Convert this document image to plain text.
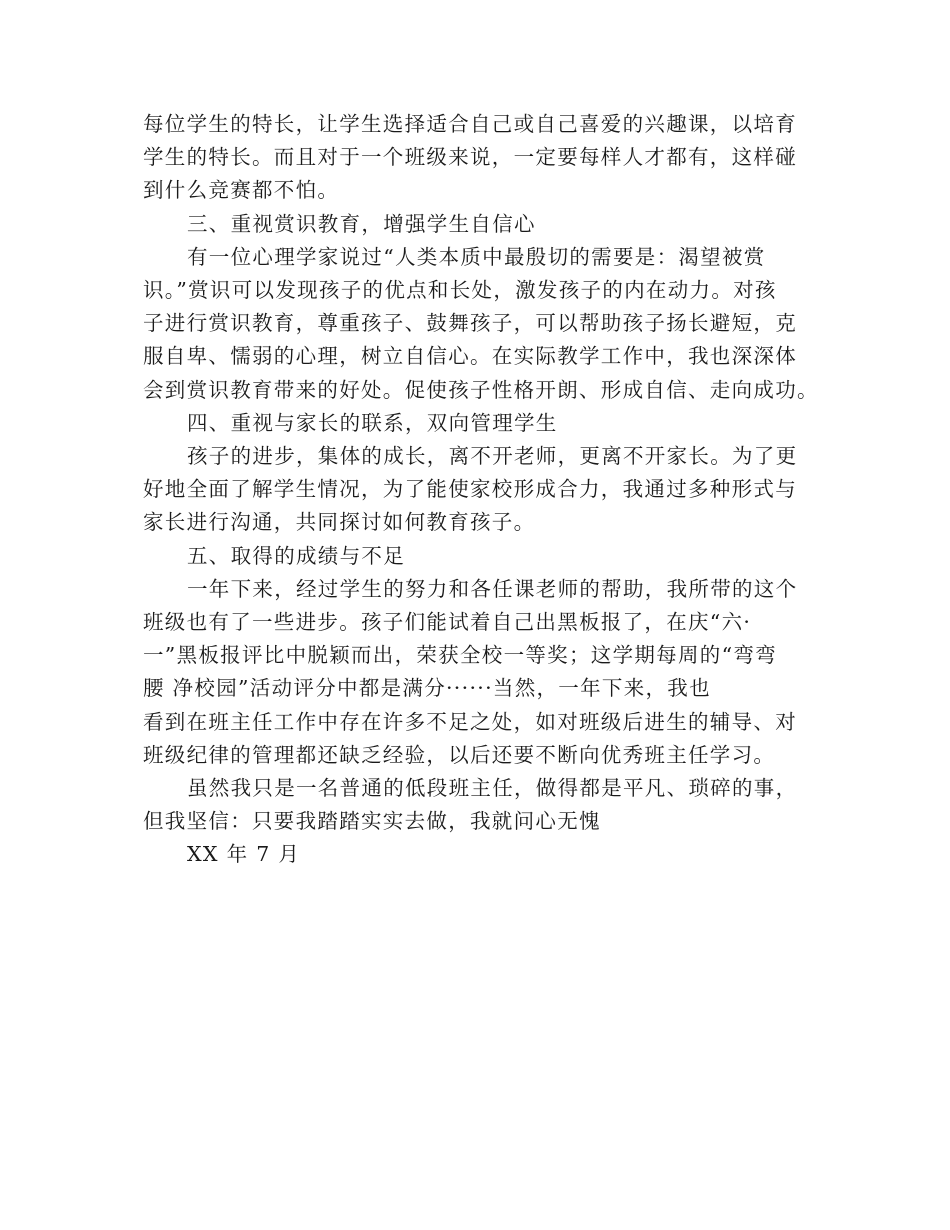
每位学生的特长，让学生选择适合自己或自己喜爱的兴趣课，以培育

学生的特长。而且对于一个班级来说，一定要每样人才都有，这样碰

到什么竞赛都不怕。

三、重视赏识教育，增强学生自信心

有一位心理学家说过“人类本质中最殷切的需要是：渴望被赏

识。”赏识可以发现孩子的优点和长处，激发孩子的内在动力。对孩

子进行赏识教育，尊重孩子、鼓舞孩子，可以帮助孩子扬长避短，克

服自卑、懦弱的心理，树立自信心。在实际教学工作中，我也深深体

会到赏识教育带来的好处。促使孩子性格开朗、形成自信、走向成功。

四、重视与家长的联系，双向管理学生

孩子的进步，集体的成长，离不开老师，更离不开家长。为了更

好地全面了解学生情况，为了能使家校形成合力，我通过多种形式与

家长进行沟通，共同探讨如何教育孩子。

五、取得的成绩与不足

一年下来，经过学生的努力和各任课老师的帮助，我所带的这个

班级也有了一些进步。孩子们能试着自己出黑板报了，在庆“六·

一”黑板报评比中脱颖而出，荣获全校一等奖；这学期每周的“弯弯

腰 净校园”活动评分中都是满分······当然，一年下来，我也

看到在班主任工作中存在许多不足之处，如对班级后进生的辅导、对

班级纪律的管理都还缺乏经验，以后还要不断向优秀班主任学习。

虽然我只是一名普通的低段班主任，做得都是平凡、琐碎的事，

但我坚信：只要我踏踏实实去做，我就问心无愧

XX 年 7 月
